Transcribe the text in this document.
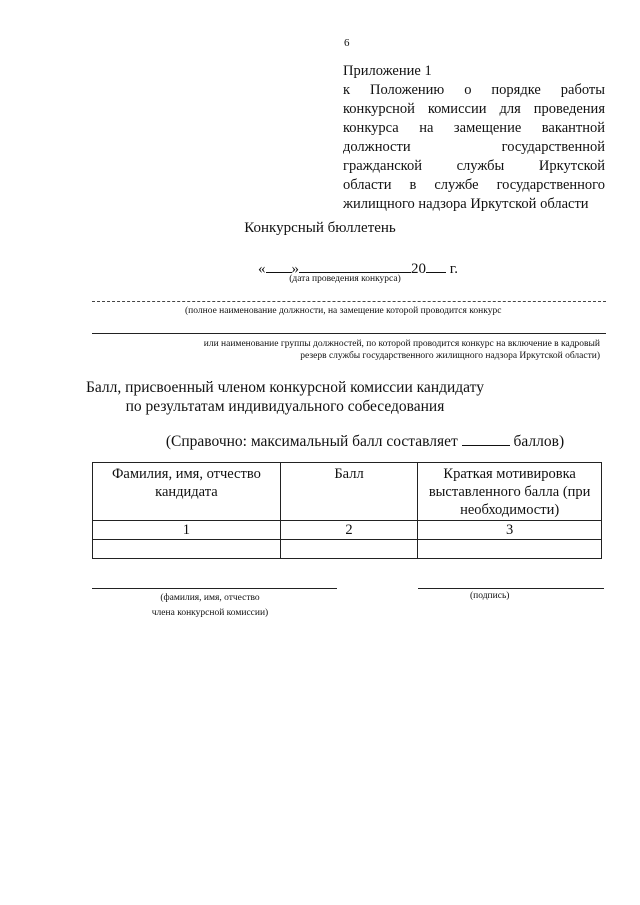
6
Приложение 1
к Положению о порядке работы
конкурсной комиссии для проведения
конкурса на замещение вакантной
должности государственной
гражданской службы Иркутской
области в службе государственного
жилищного надзора Иркутской области
Конкурсный бюллетень
« »	20 г.
(дата проведения конкурса)
(полное наименование должности, на замещение которой проводится конкурс
или наименование группы должностей, по которой проводится конкурс на включение в кадровый
резерв службы государственного жилищного надзора Иркутской области)
Балл, присвоенный членом конкурсной комиссии кандидату
по результатам индивидуального собеседования
(Справочно: максимальный балл составляет	баллов)
Фамилия, имя, отчество кандидата	Балл	Краткая мотивировка выставленного балла (при необходимости)
1	2	3

(фамилия, имя, отчество
члена конкурсной комиссии)
(подпись)
